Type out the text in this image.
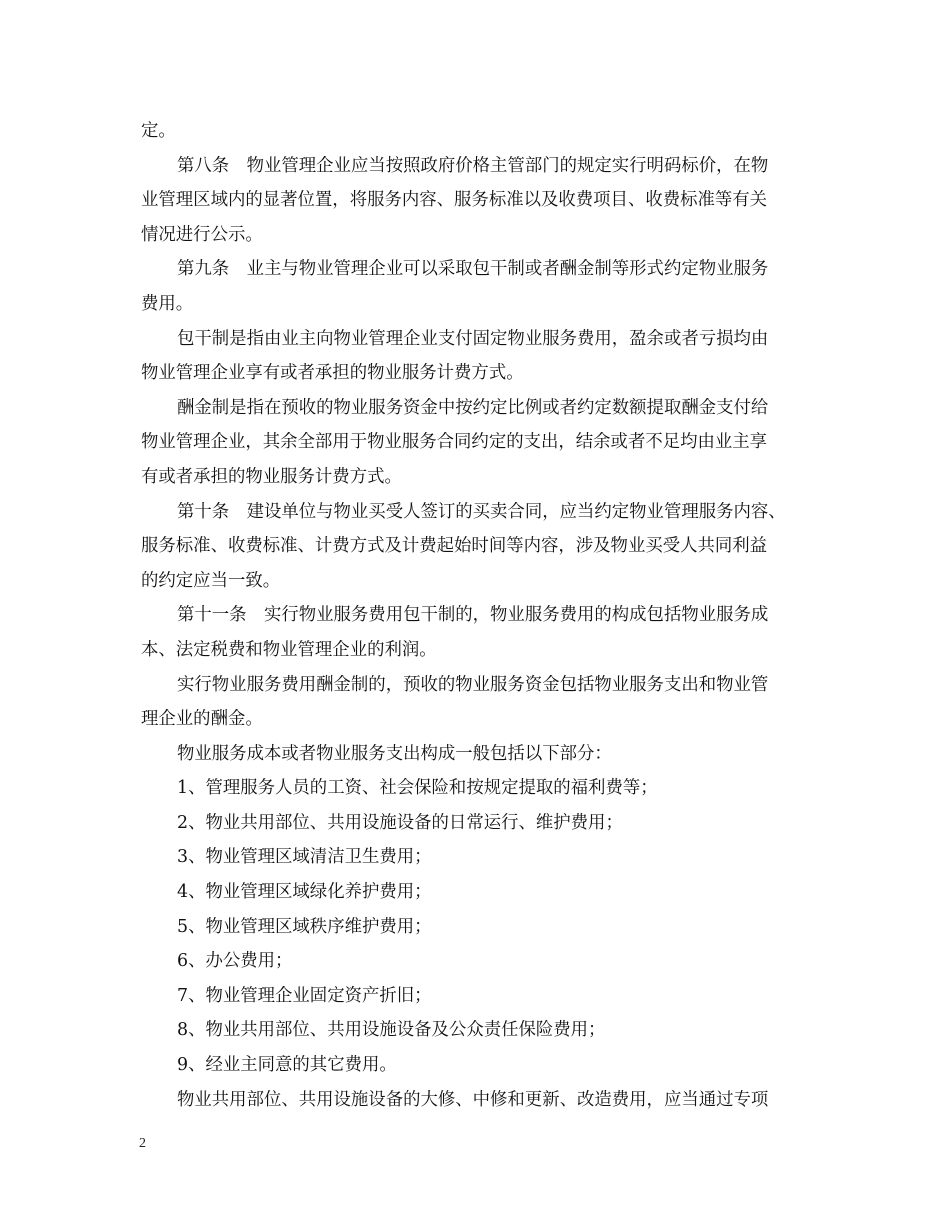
定。
第八条　物业管理企业应当按照政府价格主管部门的规定实行明码标价，在物
业管理区域内的显著位置，将服务内容、服务标准以及收费项目、收费标准等有关
情况进行公示。
第九条　业主与物业管理企业可以采取包干制或者酬金制等形式约定物业服务
费用。
包干制是指由业主向物业管理企业支付固定物业服务费用，盈余或者亏损均由
物业管理企业享有或者承担的物业服务计费方式。
酬金制是指在预收的物业服务资金中按约定比例或者约定数额提取酬金支付给
物业管理企业，其余全部用于物业服务合同约定的支出，结余或者不足均由业主享
有或者承担的物业服务计费方式。
第十条　建设单位与物业买受人签订的买卖合同，应当约定物业管理服务内容、
服务标准、收费标准、计费方式及计费起始时间等内容，涉及物业买受人共同利益
的约定应当一致。
第十一条　实行物业服务费用包干制的，物业服务费用的构成包括物业服务成
本、法定税费和物业管理企业的利润。
实行物业服务费用酬金制的，预收的物业服务资金包括物业服务支出和物业管
理企业的酬金。
物业服务成本或者物业服务支出构成一般包括以下部分：
1、管理服务人员的工资、社会保险和按规定提取的福利费等；
2、物业共用部位、共用设施设备的日常运行、维护费用；
3、物业管理区域清洁卫生费用；
4、物业管理区域绿化养护费用；
5、物业管理区域秩序维护费用；
6、办公费用；
7、物业管理企业固定资产折旧；
8、物业共用部位、共用设施设备及公众责任保险费用；
9、经业主同意的其它费用。
物业共用部位、共用设施设备的大修、中修和更新、改造费用，应当通过专项
2
